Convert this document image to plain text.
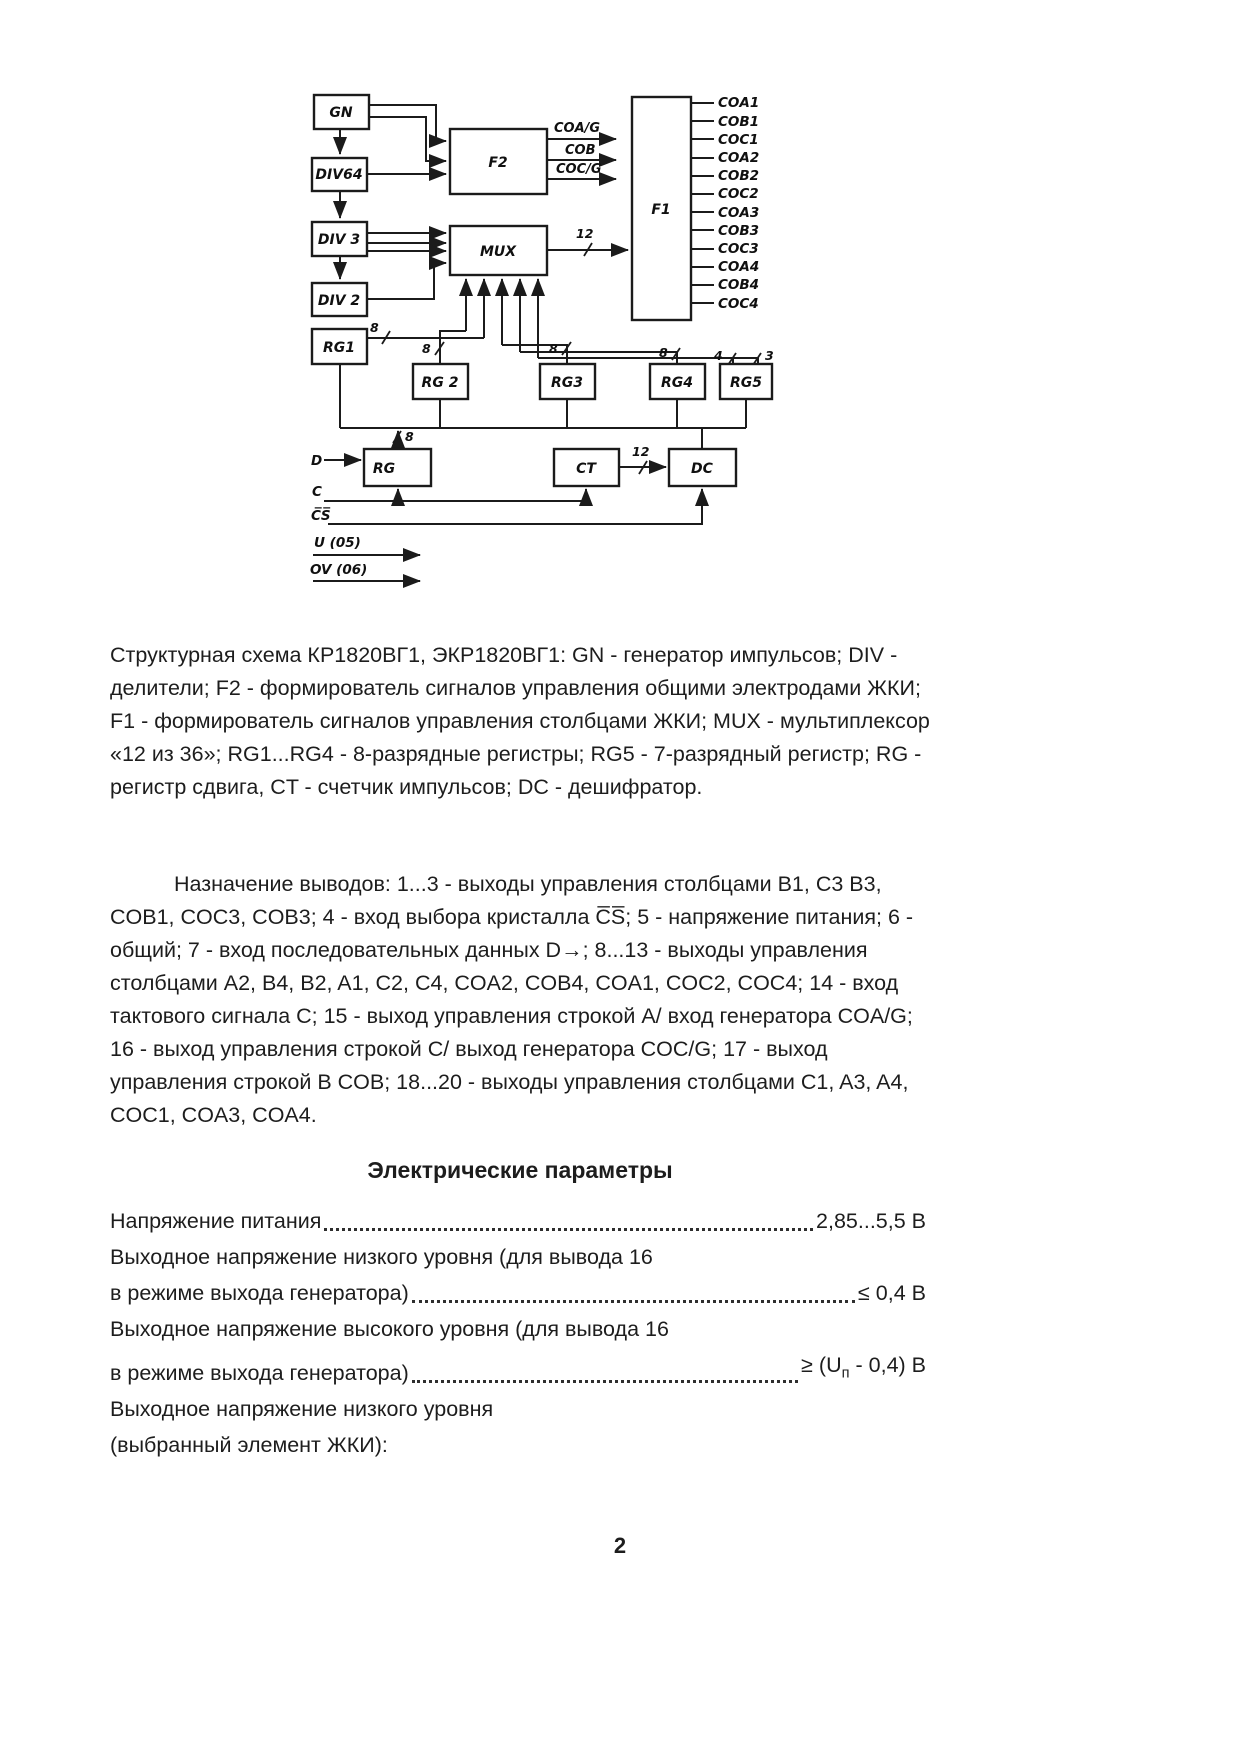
GN
DIV64
DIV 3
DIV 2
RG1
F2
MUX
F1
RG 2	RG3	RG4	RG5
RG	CT	DC
COA1
COB1
COC1
COA2
COB2
COC2
COA3
COB3
COC3
COA4
COB4
COC4
COA/G
COB
COC/G
12
12
8
8	8	8	4	3
8
D
C
C̅S̅
U (05)
OV (06)

Структурная схема КР1820ВГ1, ЭКР1820ВГ1: GN - генератор импульсов; DIV - делители; F2 - формирователь сигналов управления общими электродами ЖКИ; F1 - формирователь сигналов управления столбцами ЖКИ; MUX - мультиплексор «12 из 36»; RG1...RG4 - 8-разрядные регистры; RG5 - 7-разрядный регистр; RG - регистр сдвига, CT - счетчик импульсов; DC - дешифратор.

Назначение выводов: 1...3 - выходы управления столбцами B1, C3 B3, COB1, COC3, COB3; 4 - вход выбора кристалла C̅S̅; 5 - напряжение питания; 6 - общий; 7 - вход последовательных данных D→; 8...13 - выходы управления столбцами A2, B4, B2, A1, C2, C4, COA2, COB4, COA1, COC2, COC4; 14 - вход тактового сигнала C; 15 - выход управления строкой A/ вход генератора COA/G; 16 - выход управления строкой C/ выход генератора COC/G; 17 - выход управления строкой B COB; 18...20 - выходы управления столбцами C1, A3, A4, COC1, COA3, COA4.

Электрические параметры
Напряжение питания	2,85...5,5 В
Выходное напряжение низкого уровня (для вывода 16
в режиме выхода генератора)	≤ 0,4 В
Выходное напряжение высокого уровня (для вывода 16
в режиме выхода генератора)	≥ $(U_п - 0,4)$ В
Выходное напряжение низкого уровня
(выбранный элемент ЖКИ):
2
